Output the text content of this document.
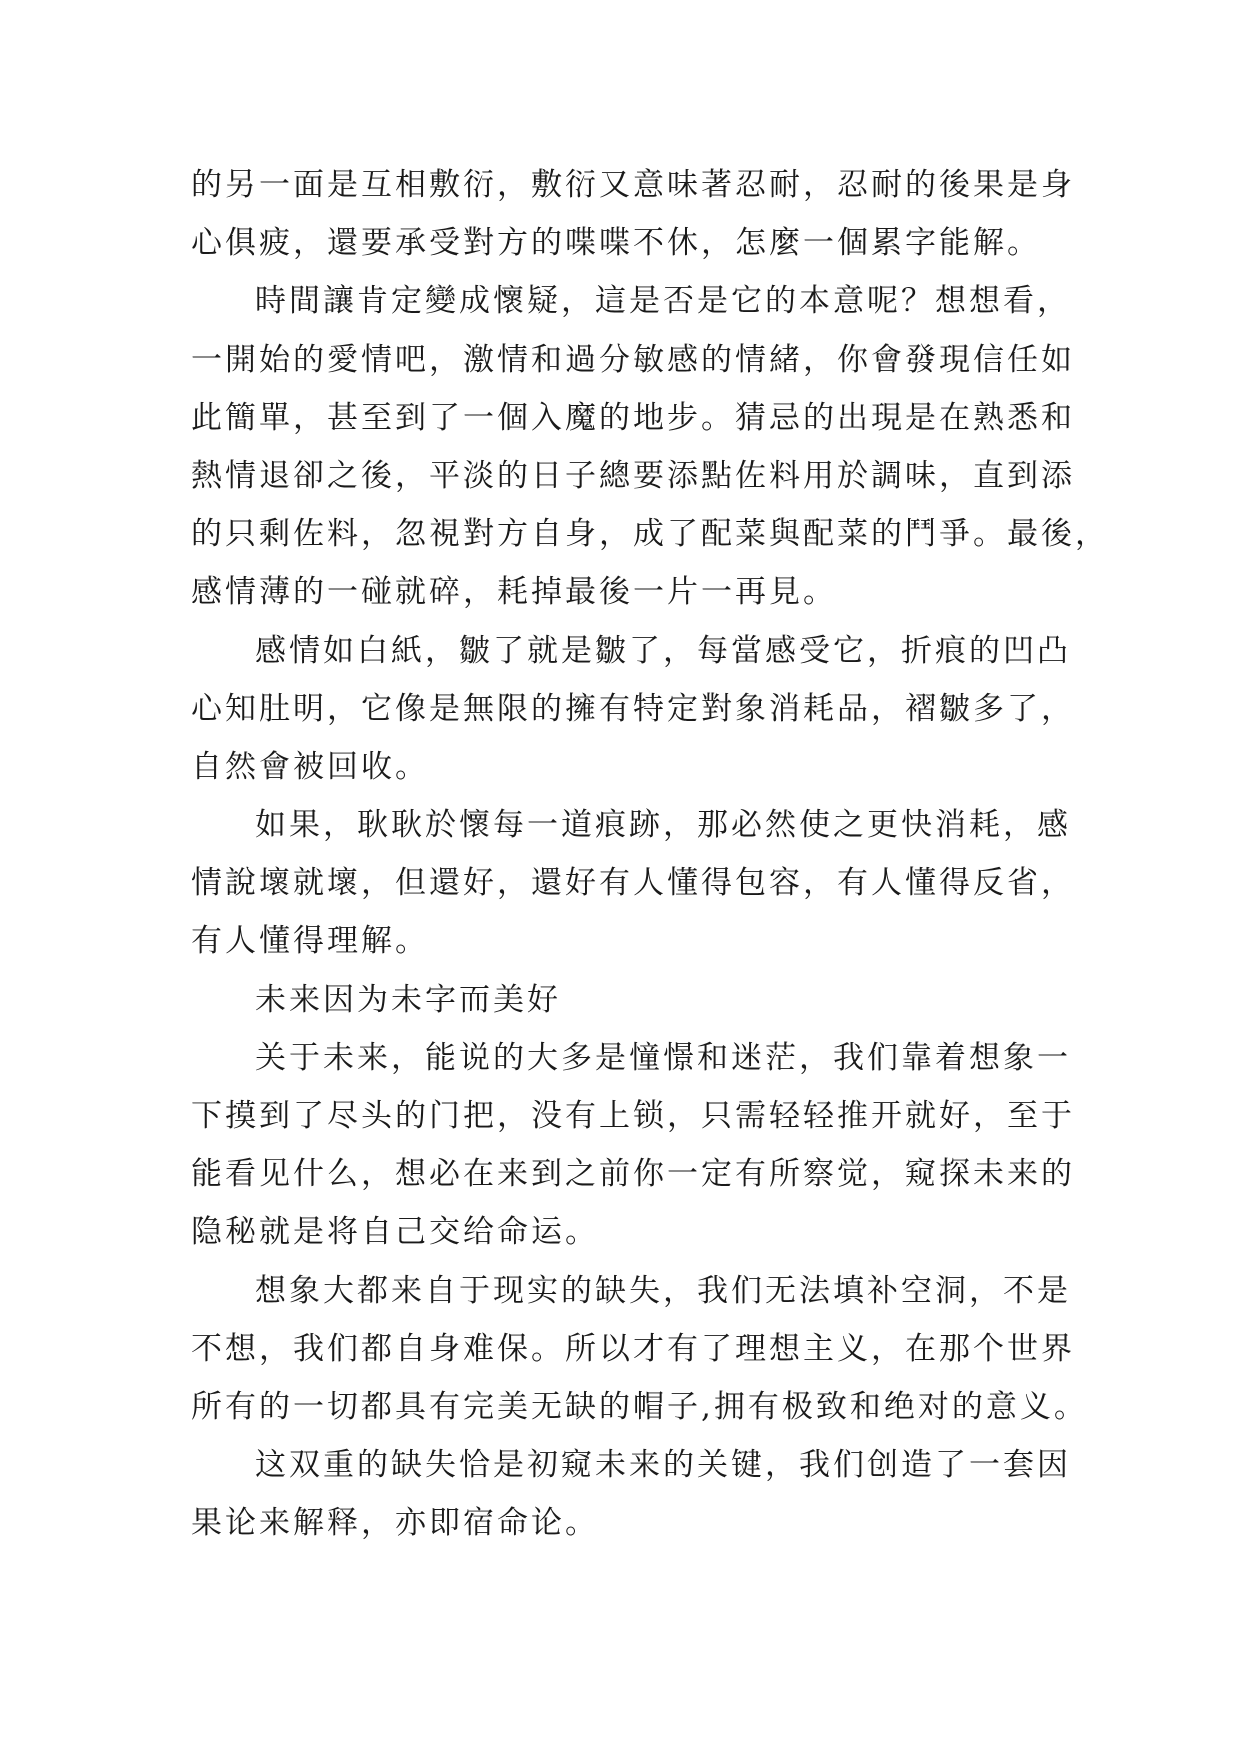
的另一面是互相敷衍，敷衍又意味著忍耐，忍耐的後果是身
心俱疲，還要承受對方的喋喋不休，怎麼一個累字能解。
時間讓肯定變成懷疑，這是否是它的本意呢？想想看，
一開始的愛情吧，激情和過分敏感的情緒，你會發現信任如
此簡單，甚至到了一個入魔的地步。猜忌的出現是在熟悉和
熱情退卻之後，平淡的日子總要添點佐料用於調味，直到添
的只剩佐料，忽視對方自身，成了配菜與配菜的鬥爭。最後，
感情薄的一碰就碎，耗掉最後一片一再見。
感情如白紙，皺了就是皺了，每當感受它，折痕的凹凸
心知肚明，它像是無限的擁有特定對象消耗品，褶皺多了，
自然會被回收。
如果，耿耿於懷每一道痕跡，那必然使之更快消耗，感
情說壞就壞，但還好，還好有人懂得包容，有人懂得反省，
有人懂得理解。
未来因为未字而美好
关于未来，能说的大多是憧憬和迷茫，我们靠着想象一
下摸到了尽头的门把，没有上锁，只需轻轻推开就好，至于
能看见什么，想必在来到之前你一定有所察觉，窥探未来的
隐秘就是将自己交给命运。
想象大都来自于现实的缺失，我们无法填补空洞，不是
不想，我们都自身难保。所以才有了理想主义，在那个世界
所有的一切都具有完美无缺的帽子,拥有极致和绝对的意义。
这双重的缺失恰是初窥未来的关键，我们创造了一套因
果论来解释，亦即宿命论。
